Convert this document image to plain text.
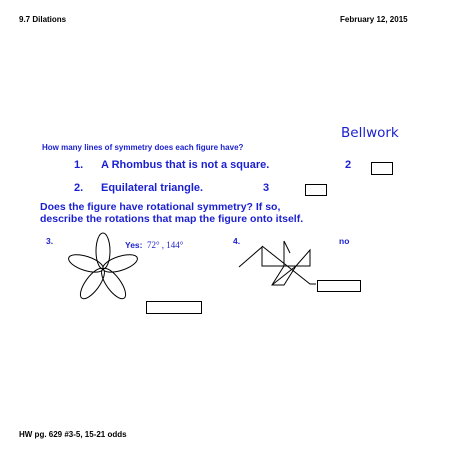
9.7 Dilations	February 12, 2015
Bellwork
How many lines of symmetry does each figure have?
1. A Rhombus that is not a square.	2
2. Equilateral triangle.	3
Does the figure have rotational symmetry? If so,
describe the rotations that map the figure onto itself.
3.	Yes: 72° , 144°	4.	no
HW pg. 629 #3-5, 15-21 odds
